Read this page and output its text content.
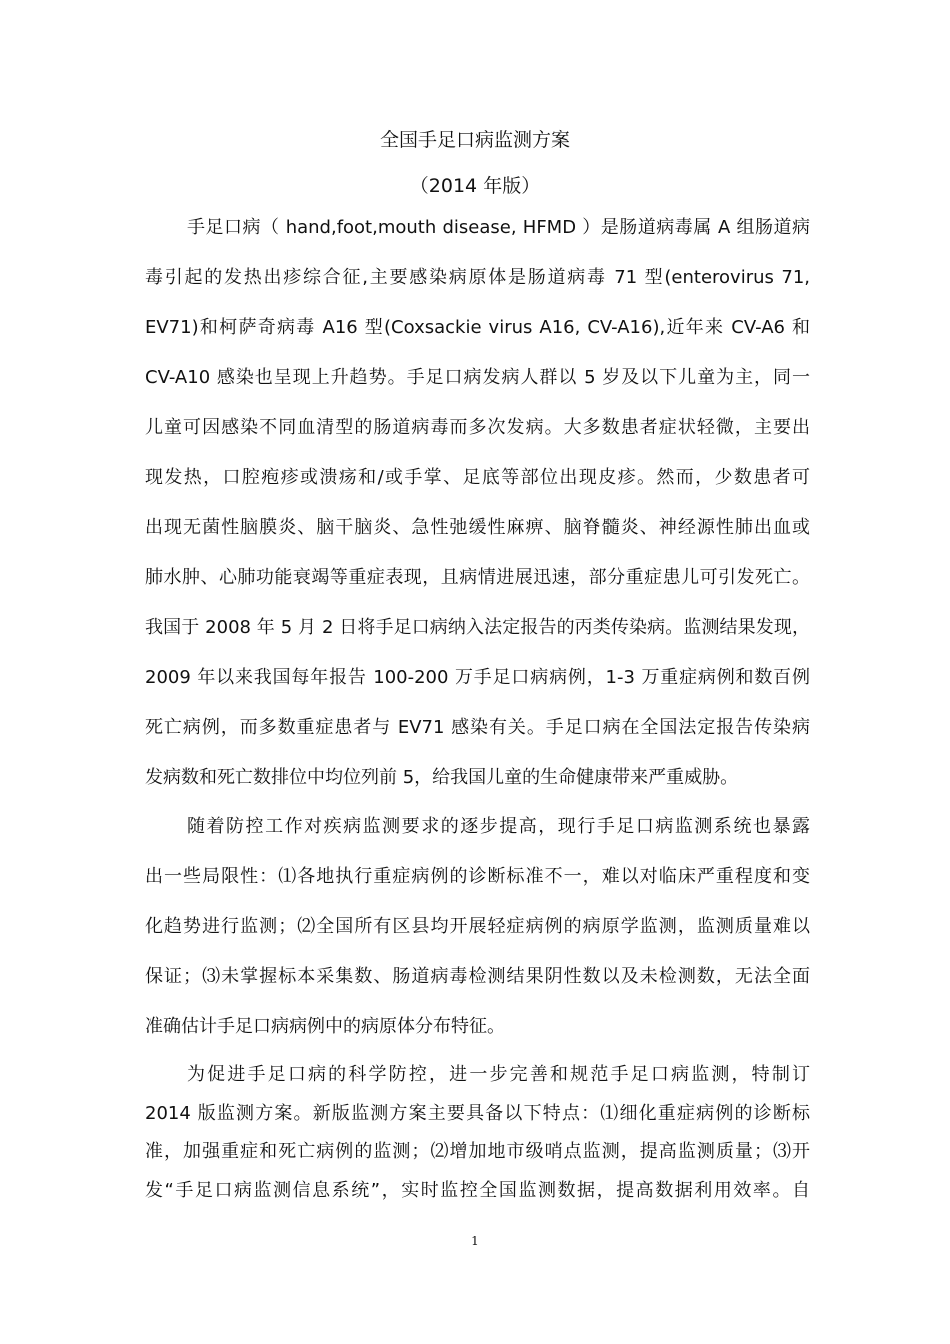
全国手足口病监测方案
（2014 年版）
手足口病（ hand,foot,mouth disease, HFMD ）是肠道病毒属 A 组肠道病
毒引起的发热出疹综合征,主要感染病原体是肠道病毒 71 型(enterovirus 71,
EV71)和柯萨奇病毒 A16 型(Coxsackie virus A16, CV-A16),近年来 CV-A6 和
CV-A10 感染也呈现上升趋势。手足口病发病人群以 5 岁及以下儿童为主，同一
儿童可因感染不同血清型的肠道病毒而多次发病。大多数患者症状轻微，主要出
现发热，口腔疱疹或溃疡和/或手掌、足底等部位出现皮疹。然而，少数患者可
出现无菌性脑膜炎、脑干脑炎、急性弛缓性麻痹、脑脊髓炎、神经源性肺出血或
肺水肿、心肺功能衰竭等重症表现，且病情进展迅速，部分重症患儿可引发死亡。
我国于 2008 年 5 月 2 日将手足口病纳入法定报告的丙类传染病。监测结果发现，
2009 年以来我国每年报告 100-200 万手足口病病例，1-3 万重症病例和数百例
死亡病例，而多数重症患者与 EV71 感染有关。手足口病在全国法定报告传染病
发病数和死亡数排位中均位列前 5，给我国儿童的生命健康带来严重威胁。
随着防控工作对疾病监测要求的逐步提高，现行手足口病监测系统也暴露
出一些局限性：⑴各地执行重症病例的诊断标准不一，难以对临床严重程度和变
化趋势进行监测；⑵全国所有区县均开展轻症病例的病原学监测，监测质量难以
保证；⑶未掌握标本采集数、肠道病毒检测结果阴性数以及未检测数，无法全面
准确估计手足口病病例中的病原体分布特征。
为促进手足口病的科学防控，进一步完善和规范手足口病监测，特制订
2014 版监测方案。新版监测方案主要具备以下特点：⑴细化重症病例的诊断标
准，加强重症和死亡病例的监测；⑵增加地市级哨点监测，提高监测质量；⑶开
发“手足口病监测信息系统”，实时监控全国监测数据，提高数据利用效率。自
1
